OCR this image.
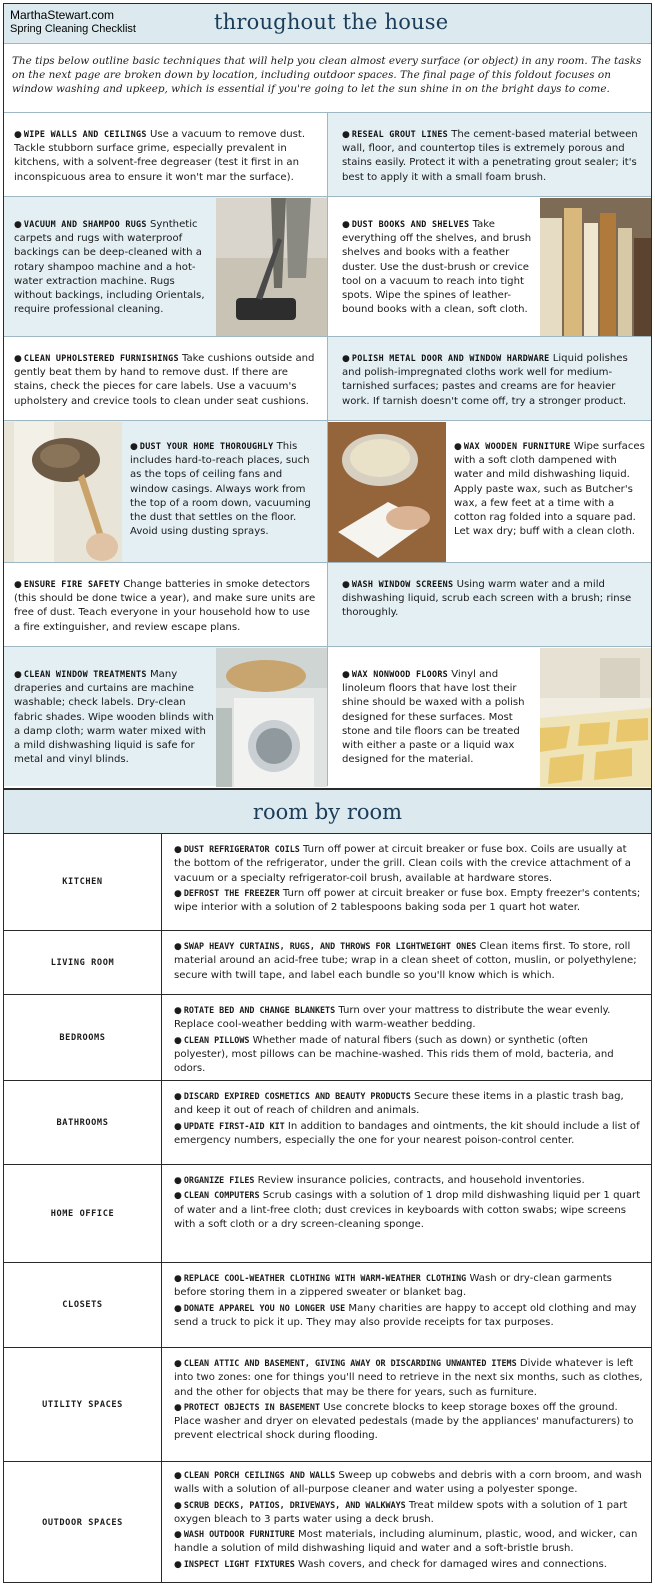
MarthaStewart.com
Spring Cleaning Checklist	throughout the house
The tips below outline basic techniques that will help you clean almost every surface (or object) in any room. The tasks on the next page are broken down by location, including outdoor spaces. The final page of this foldout focuses on window washing and upkeep, which is essential if you're going to let the sun shine in on the bright days to come.
● WIPE WALLS AND CEILINGS Use a vacuum to remove dust. Tackle stubborn surface grime, especially prevalent in kitchens, with a solvent-free degreaser (test it first in an inconspicuous area to ensure it won't mar the surface).
● RESEAL GROUT LINES The cement-based material between wall, floor, and countertop tiles is extremely porous and stains easily. Protect it with a penetrating grout sealer; it's best to apply it with a small foam brush.
● VACUUM AND SHAMPOO RUGS Synthetic carpets and rugs with waterproof backings can be deep-cleaned with a rotary shampoo machine and a hot-water extraction machine. Rugs without backings, including Orientals, require professional cleaning.
● DUST BOOKS AND SHELVES Take everything off the shelves, and brush shelves and books with a feather duster. Use the dust-brush or crevice tool on a vacuum to reach into tight spots. Wipe the spines of leather-bound books with a clean, soft cloth.
● CLEAN UPHOLSTERED FURNISHINGS Take cushions outside and gently beat them by hand to remove dust. If there are stains, check the pieces for care labels. Use a vacuum's upholstery and crevice tools to clean under seat cushions.
● POLISH METAL DOOR AND WINDOW HARDWARE Liquid polishes and polish-impregnated cloths work well for medium-tarnished surfaces; pastes and creams are for heavier work. If tarnish doesn't come off, try a stronger product.
● DUST YOUR HOME THOROUGHLY This includes hard-to-reach places, such as the tops of ceiling fans and window casings. Always work from the top of a room down, vacuuming the dust that settles on the floor. Avoid using dusting sprays.
● WAX WOODEN FURNITURE Wipe surfaces with a soft cloth dampened with water and mild dishwashing liquid. Apply paste wax, such as Butcher's wax, a few feet at a time with a cotton rag folded into a square pad. Let wax dry; buff with a clean cloth.
● ENSURE FIRE SAFETY Change batteries in smoke detectors (this should be done twice a year), and make sure units are free of dust. Teach everyone in your household how to use a fire extinguisher, and review escape plans.
● WASH WINDOW SCREENS Using warm water and a mild dishwashing liquid, scrub each screen with a brush; rinse thoroughly.
● CLEAN WINDOW TREATMENTS Many draperies and curtains are machine washable; check labels. Dry-clean fabric shades. Wipe wooden blinds with a damp cloth; warm water mixed with a mild dishwashing liquid is safe for metal and vinyl blinds.
● WAX NONWOOD FLOORS Vinyl and linoleum floors that have lost their shine should be waxed with a polish designed for these surfaces. Most stone and tile floors can be treated with either a paste or a liquid wax designed for the material.
room by room
KITCHEN
● DUST REFRIGERATOR COILS Turn off power at circuit breaker or fuse box. Coils are usually at the bottom of the refrigerator, under the grill. Clean coils with the crevice attachment of a vacuum or a specialty refrigerator-coil brush, available at hardware stores.
● DEFROST THE FREEZER Turn off power at circuit breaker or fuse box. Empty freezer's contents; wipe interior with a solution of 2 tablespoons baking soda per 1 quart hot water.
LIVING ROOM
● SWAP HEAVY CURTAINS, RUGS, AND THROWS FOR LIGHTWEIGHT ONES Clean items first. To store, roll material around an acid-free tube; wrap in a clean sheet of cotton, muslin, or polyethylene; secure with twill tape, and label each bundle so you'll know which is which.
BEDROOMS
● ROTATE BED AND CHANGE BLANKETS Turn over your mattress to distribute the wear evenly. Replace cool-weather bedding with warm-weather bedding.
● CLEAN PILLOWS Whether made of natural fibers (such as down) or synthetic (often polyester), most pillows can be machine-washed. This rids them of mold, bacteria, and odors.
BATHROOMS
● DISCARD EXPIRED COSMETICS AND BEAUTY PRODUCTS Secure these items in a plastic trash bag, and keep it out of reach of children and animals.
● UPDATE FIRST-AID KIT In addition to bandages and ointments, the kit should include a list of emergency numbers, especially the one for your nearest poison-control center.
HOME OFFICE
● ORGANIZE FILES Review insurance policies, contracts, and household inventories.
● CLEAN COMPUTERS Scrub casings with a solution of 1 drop mild dishwashing liquid per 1 quart of water and a lint-free cloth; dust crevices in keyboards with cotton swabs; wipe screens with a soft cloth or a dry screen-cleaning sponge.
CLOSETS
● REPLACE COOL-WEATHER CLOTHING WITH WARM-WEATHER CLOTHING Wash or dry-clean garments before storing them in a zippered sweater or blanket bag.
● DONATE APPAREL YOU NO LONGER USE Many charities are happy to accept old clothing and may send a truck to pick it up. They may also provide receipts for tax purposes.
UTILITY SPACES
● CLEAN ATTIC AND BASEMENT, GIVING AWAY OR DISCARDING UNWANTED ITEMS Divide whatever is left into two zones: one for things you'll need to retrieve in the next six months, such as clothes, and the other for objects that may be there for years, such as furniture.
● PROTECT OBJECTS IN BASEMENT Use concrete blocks to keep storage boxes off the ground. Place washer and dryer on elevated pedestals (made by the appliances' manufacturers) to prevent electrical shock during flooding.
OUTDOOR SPACES
● CLEAN PORCH CEILINGS AND WALLS Sweep up cobwebs and debris with a corn broom, and wash walls with a solution of all-purpose cleaner and water using a polyester sponge.
● SCRUB DECKS, PATIOS, DRIVEWAYS, AND WALKWAYS Treat mildew spots with a solution of 1 part oxygen bleach to 3 parts water using a deck brush.
● WASH OUTDOOR FURNITURE Most materials, including aluminum, plastic, wood, and wicker, can handle a solution of mild dishwashing liquid and water and a soft-bristle brush.
● INSPECT LIGHT FIXTURES Wash covers, and check for damaged wires and connections.
